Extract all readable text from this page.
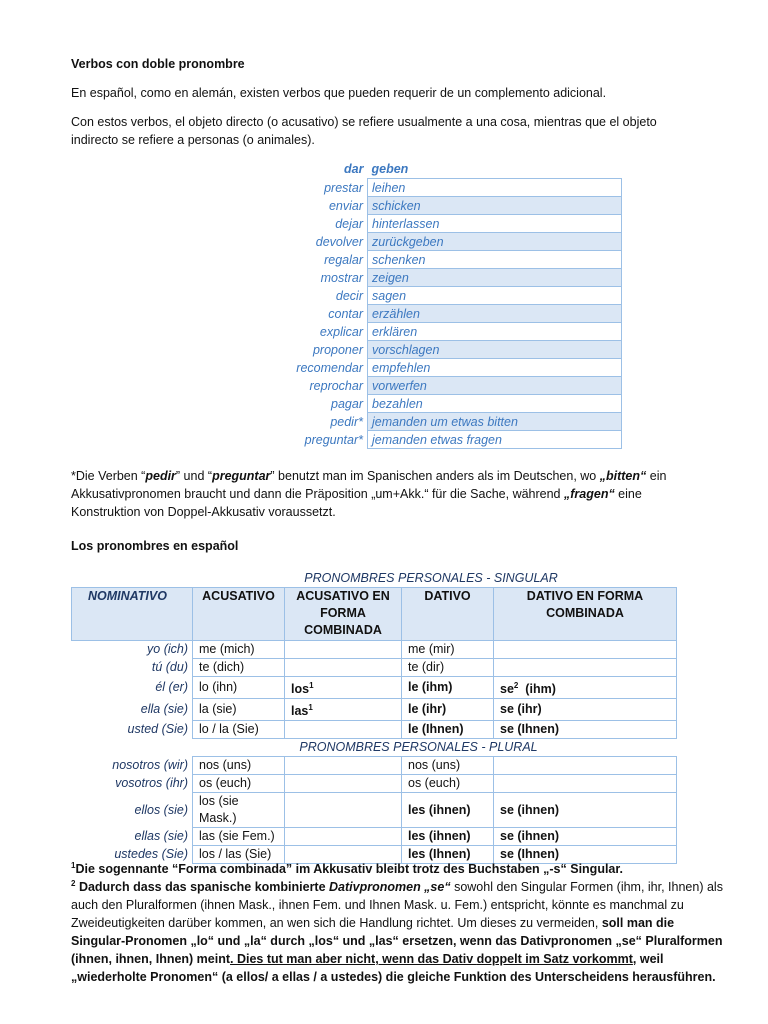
Verbos con doble pronombre
En español, como en alemán, existen verbos que pueden requerir de un complemento adicional.
Con estos verbos, el objeto directo (o acusativo) se refiere usualmente a una cosa, mientras que el objeto
indirecto se refiere a personas (o animales).
dar	geben
prestar	leihen
enviar	schicken
dejar	hinterlassen
devolver	zurückgeben
regalar	schenken
mostrar	zeigen
decir	sagen
contar	erzählen
explicar	erklären
proponer	vorschlagen
recomendar	empfehlen
reprochar	vorwerfen
pagar	bezahlen
pedir*	jemanden um etwas bitten
preguntar*	jemanden etwas fragen
*Die Verben “pedir” und “preguntar” benutzt man im Spanischen anders als im Deutschen, wo „bitten“ ein
Akkusativpronomen braucht und dann die Präposition „um+Akk.“ für die Sache, während „fragen“ eine
Konstruktion von Doppel-Akkusativ voraussetzt.
Los pronombres en español
PRONOMBRES PERSONALES - SINGULAR				
NOMINATIVO	ACUSATIVO	ACUSATIVO EN FORMA COMBINADA	DATIVO	DATIVO EN FORMA COMBINADA
yo (ich)	me (mich)		me (mir)	
tú (du)	te (dich)		te (dir)	
él (er)	lo (ihn)	los$^1$	le (ihm)	$se^2$  (ihm)
ella (sie)	la (sie)	las$^1$	le (ihr)	se (ihr)
usted (Sie)	lo / la (Sie)		le (Ihnen)	se (Ihnen)
PRONOMBRES PERSONALES - PLURAL				
nosotros (wir)	nos (uns)		nos (uns)	
vosotros (ihr)	os (euch)		os (euch)	
ellos (sie)	los (sie Mask.)		les (ihnen)	se (ihnen)
ellas (sie)	las (sie Fem.)		les (ihnen)	se (ihnen)
ustedes (Sie)	los / las (Sie)		les (Ihnen)	se (Ihnen)
$^1$Die sogennante “Forma combinada” im Akkusativ bleibt trotz des Buchstaben „-s“ Singular.
$^2$ Dadurch dass das spanische kombinierte Dativpronomen „se“ sowohl den Singular Formen (ihm, ihr, Ihnen) als
auch den Pluralformen (ihnen Mask., ihnen Fem. und Ihnen Mask. u. Fem.) entspricht, könnte es manchmal zu
Zweideutigkeiten darüber kommen, an wen sich die Handlung richtet. Um dieses zu vermeiden, soll man die
Singular-Pronomen „lo“ und „la“ durch „los“ und „las“ ersetzen, wenn das Dativpronomen „se“ Pluralformen
(ihnen, ihnen, Ihnen) meint. Dies tut man aber nicht, wenn das Dativ doppelt im Satz vorkommt, weil
„wiederholte Pronomen“ (a ellos/ a ellas / a ustedes) die gleiche Funktion des Unterscheidens herausführen.
